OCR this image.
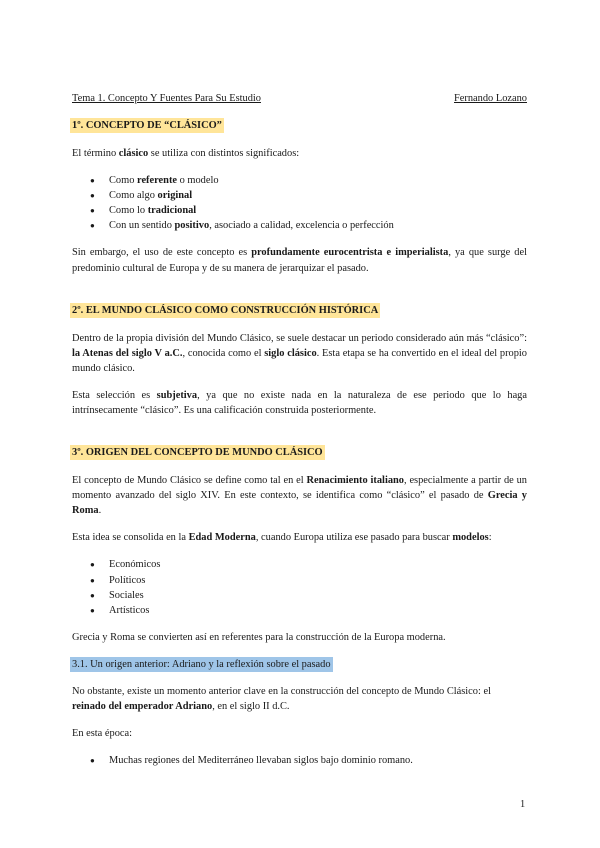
Tema 1. Concepto Y Fuentes Para Su Estudio	Fernando Lozano
1º. CONCEPTO DE “CLÁSICO”

El término clásico se utiliza con distintos significados:

● Como referente o modelo
● Como algo original
● Como lo tradicional
● Con un sentido positivo, asociado a calidad, excelencia o perfección

Sin embargo, el uso de este concepto es profundamente eurocentrista e imperialista, ya que surge del predominio cultural de Europa y de su manera de jerarquizar el pasado.

2º. EL MUNDO CLÁSICO COMO CONSTRUCCIÓN HISTÓRICA

Dentro de la propia división del Mundo Clásico, se suele destacar un periodo considerado aún más “clásico”: la Atenas del siglo V a.C., conocida como el siglo clásico. Esta etapa se ha convertido en el ideal del propio mundo clásico.

Esta selección es subjetiva, ya que no existe nada en la naturaleza de ese periodo que lo haga intrínsecamente “clásico”. Es una calificación construida posteriormente.

3º. ORIGEN DEL CONCEPTO DE MUNDO CLÁSICO

El concepto de Mundo Clásico se define como tal en el Renacimiento italiano, especialmente a partir de un momento avanzado del siglo XIV. En este contexto, se identifica como “clásico” el pasado de Grecia y Roma.

Esta idea se consolida en la Edad Moderna, cuando Europa utiliza ese pasado para buscar modelos:

● Económicos
● Políticos
● Sociales
● Artísticos

Grecia y Roma se convierten así en referentes para la construcción de la Europa moderna.

3.1. Un origen anterior: Adriano y la reflexión sobre el pasado

No obstante, existe un momento anterior clave en la construcción del concepto de Mundo Clásico: el reinado del emperador Adriano, en el siglo II d.C.

En esta época:

● Muchas regiones del Mediterráneo llevaban siglos bajo dominio romano.
1
